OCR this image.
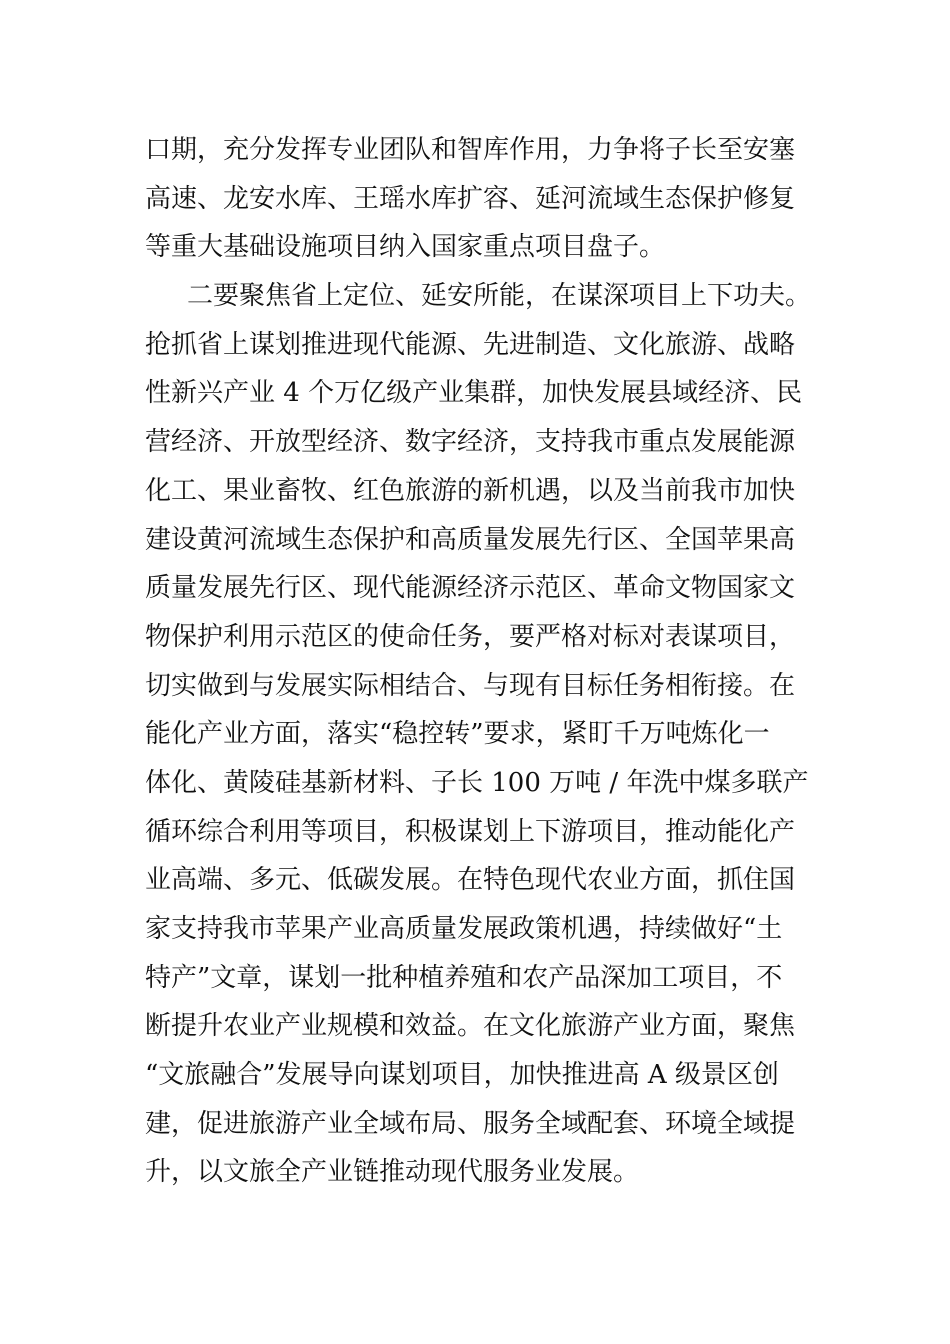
口期，充分发挥专业团队和智库作用，力争将子长至安塞
高速、龙安水库、王瑶水库扩容、延河流域生态保护修复
等重大基础设施项目纳入国家重点项目盘子。
二要聚焦省上定位、延安所能，在谋深项目上下功夫。
抢抓省上谋划推进现代能源、先进制造、文化旅游、战略
性新兴产业 4 个万亿级产业集群，加快发展县域经济、民
营经济、开放型经济、数字经济，支持我市重点发展能源
化工、果业畜牧、红色旅游的新机遇，以及当前我市加快
建设黄河流域生态保护和高质量发展先行区、全国苹果高
质量发展先行区、现代能源经济示范区、革命文物国家文
物保护利用示范区的使命任务，要严格对标对表谋项目，
切实做到与发展实际相结合、与现有目标任务相衔接。在
能化产业方面，落实“稳控转”要求，紧盯千万吨炼化一
体化、黄陵硅基新材料、子长 100 万吨 / 年洗中煤多联产
循环综合利用等项目，积极谋划上下游项目，推动能化产
业高端、多元、低碳发展。在特色现代农业方面，抓住国
家支持我市苹果产业高质量发展政策机遇，持续做好“土
特产”文章，谋划一批种植养殖和农产品深加工项目，不
断提升农业产业规模和效益。在文化旅游产业方面，聚焦
“文旅融合”发展导向谋划项目，加快推进高 A 级景区创
建，促进旅游产业全域布局、服务全域配套、环境全域提
升，以文旅全产业链推动现代服务业发展。
